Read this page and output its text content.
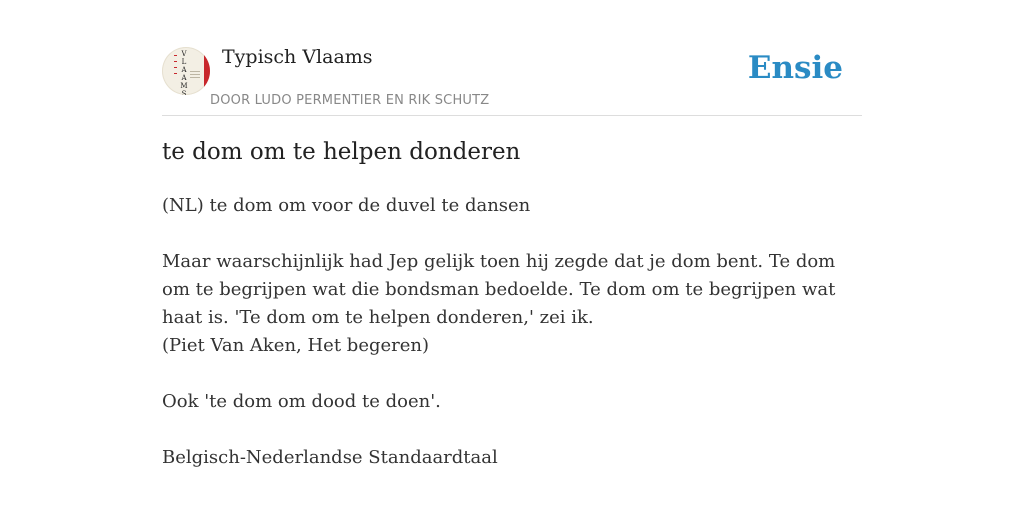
V L A A M S
Typisch Vlaams
DOOR LUDO PERMENTIER EN RIK SCHUTZ
Ensie
te dom om te helpen donderen

(NL) te dom om voor de duvel te dansen

Maar waarschijnlijk had Jep gelijk toen hij zegde dat je dom bent. Te dom om te begrijpen wat die bondsman bedoelde. Te dom om te begrijpen wat haat is. 'Te dom om te helpen donderen,' zei ik.

(Piet Van Aken, Het begeren)

Ook 'te dom om dood te doen'.

Belgisch-Nederlandse Standaardtaal
